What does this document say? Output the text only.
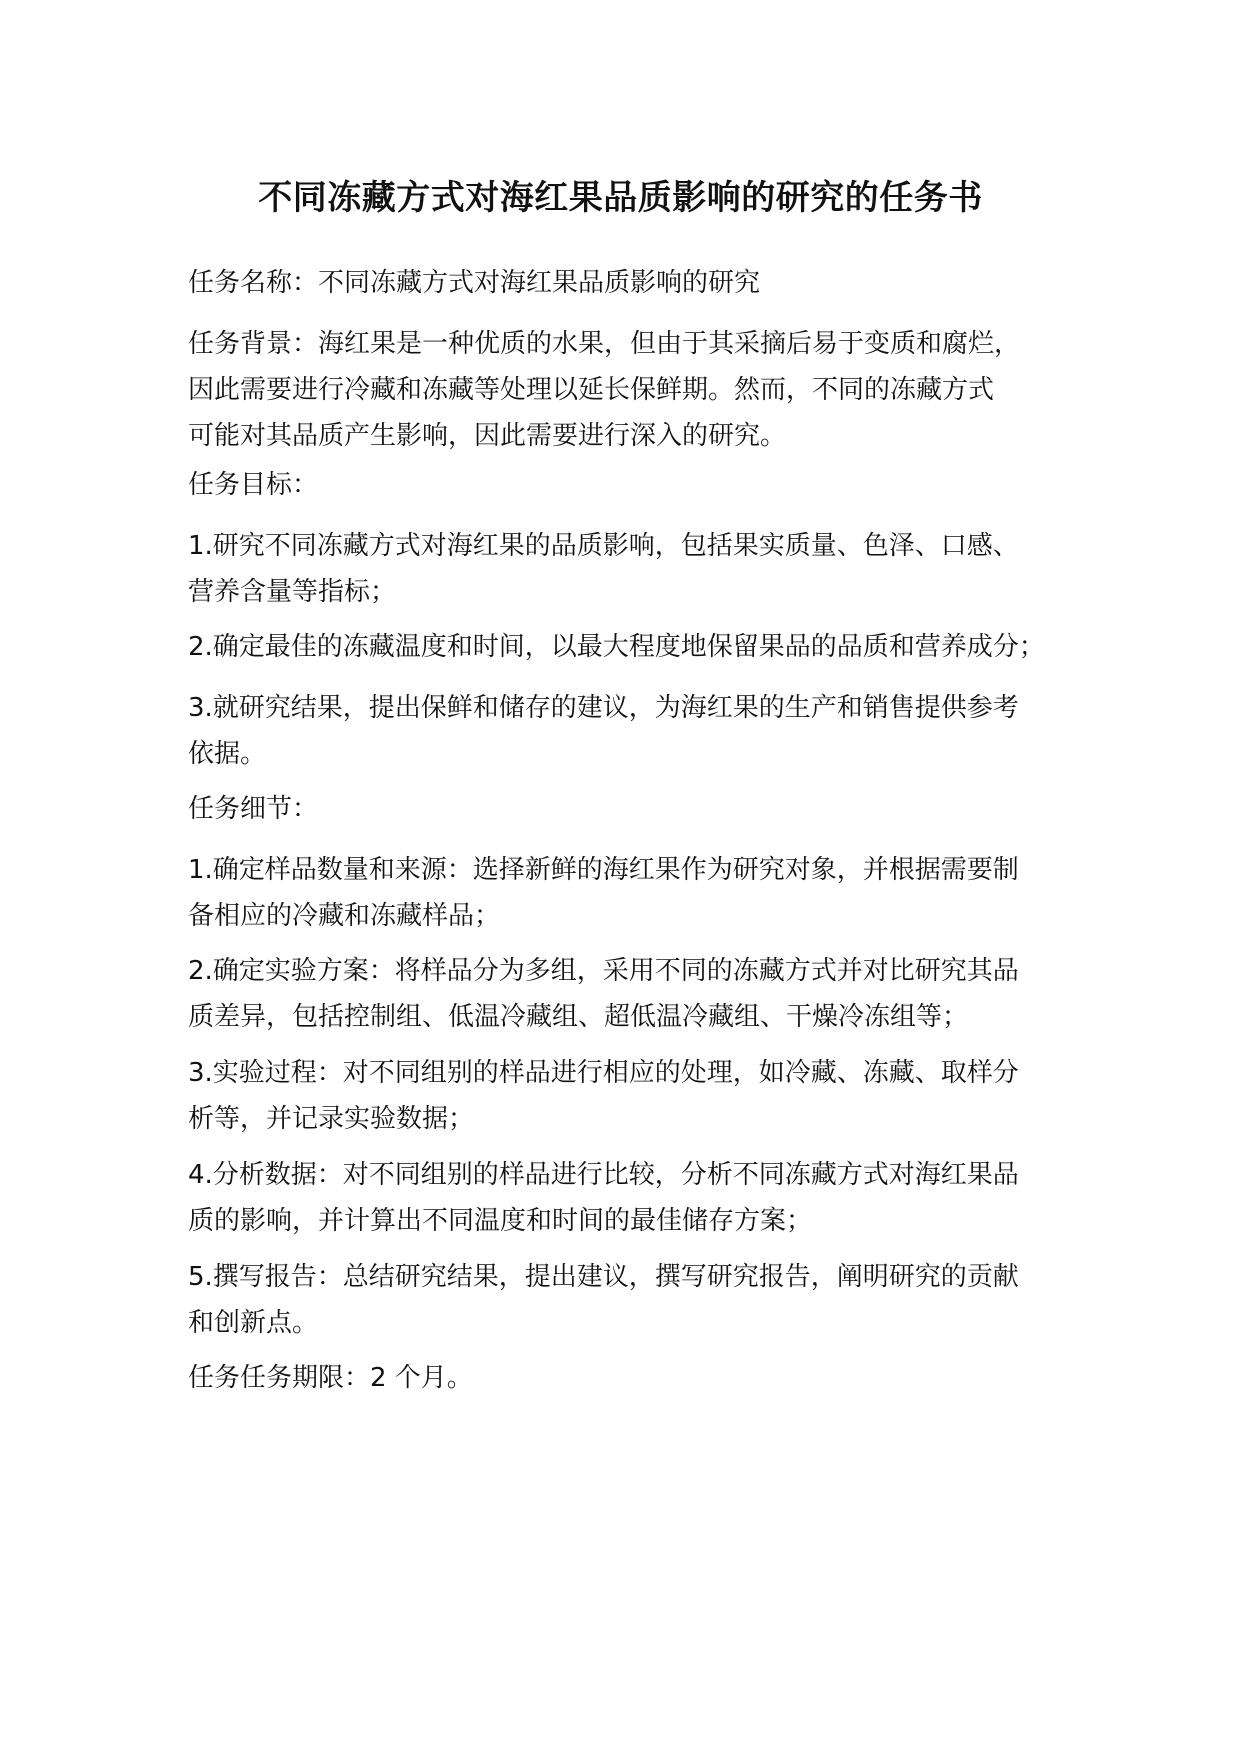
不同冻藏方式对海红果品质影响的研究的任务书

任务名称：不同冻藏方式对海红果品质影响的研究

任务背景：海红果是一种优质的水果，但由于其采摘后易于变质和腐烂，
因此需要进行冷藏和冻藏等处理以延长保鲜期。然而，不同的冻藏方式
可能对其品质产生影响，因此需要进行深入的研究。

任务目标：

1.研究不同冻藏方式对海红果的品质影响，包括果实质量、色泽、口感、
营养含量等指标；

2.确定最佳的冻藏温度和时间，以最大程度地保留果品的品质和营养成分；

3.就研究结果，提出保鲜和储存的建议，为海红果的生产和销售提供参考
依据。

任务细节：

1.确定样品数量和来源：选择新鲜的海红果作为研究对象，并根据需要制
备相应的冷藏和冻藏样品；

2.确定实验方案：将样品分为多组，采用不同的冻藏方式并对比研究其品
质差异，包括控制组、低温冷藏组、超低温冷藏组、干燥冷冻组等；

3.实验过程：对不同组别的样品进行相应的处理，如冷藏、冻藏、取样分
析等，并记录实验数据；

4.分析数据：对不同组别的样品进行比较，分析不同冻藏方式对海红果品
质的影响，并计算出不同温度和时间的最佳储存方案；

5.撰写报告：总结研究结果，提出建议，撰写研究报告，阐明研究的贡献
和创新点。

任务任务期限：2 个月。
